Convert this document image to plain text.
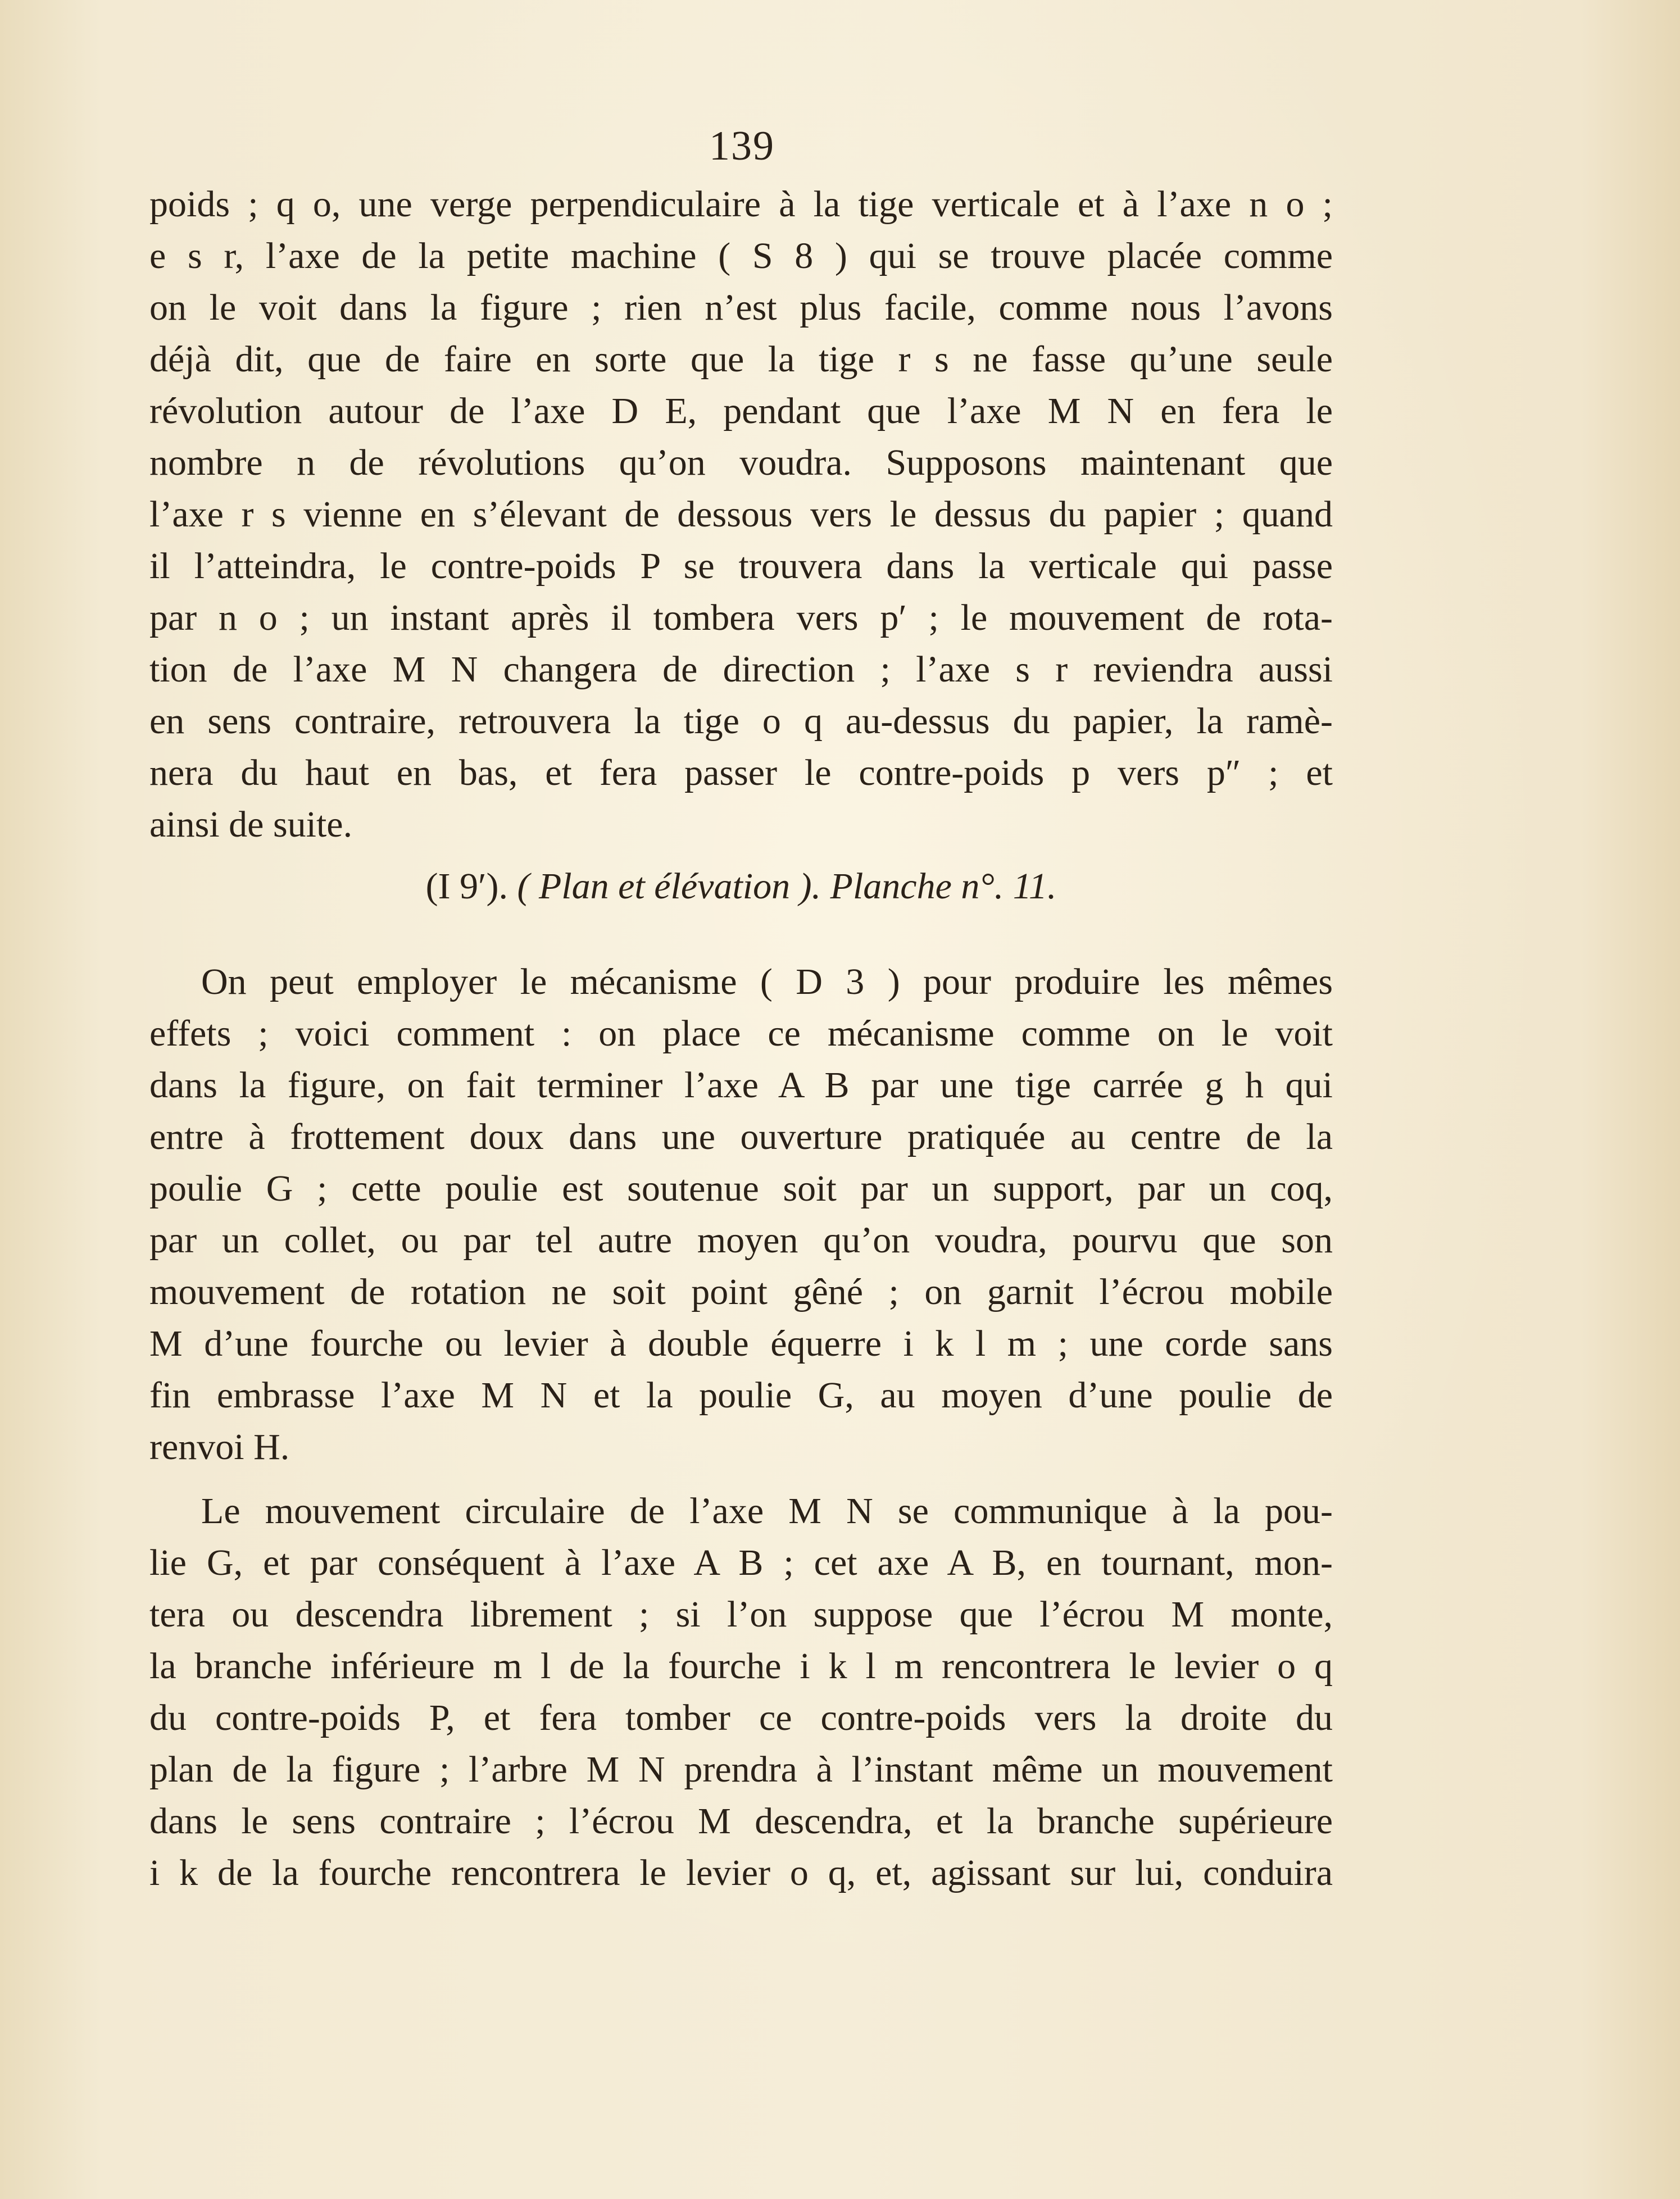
139
poids ; q o, une verge perpendiculaire à la tige verticale et à l’axe n o ;
e s r, l’axe de la petite machine ( S 8 ) qui se trouve placée comme
on le voit dans la figure ; rien n’est plus facile, comme nous l’avons
déjà dit, que de faire en sorte que la tige r s ne fasse qu’une seule
révolution autour de l’axe D E, pendant que l’axe M N en fera le
nombre n de révolutions qu’on voudra. Supposons maintenant que
l’axe r s vienne en s’élevant de dessous vers le dessus du papier ; quand
il l’atteindra, le contre-poids P se trouvera dans la verticale qui passe
par n o ; un instant après il tombera vers p′ ; le mouvement de rota-
tion de l’axe M N changera de direction ; l’axe s r reviendra aussi
en sens contraire, retrouvera la tige o q au-dessus du papier, la ramè-
nera du haut en bas, et fera passer le contre-poids p vers p″ ; et
ainsi de suite.
(I 9′). ( Plan et élévation ). Planche n°. 11.
On peut employer le mécanisme ( D 3 ) pour produire les mêmes
effets ; voici comment : on place ce mécanisme comme on le voit
dans la figure, on fait terminer l’axe A B par une tige carrée g h qui
entre à frottement doux dans une ouverture pratiquée au centre de la
poulie G ; cette poulie est soutenue soit par un support, par un coq,
par un collet, ou par tel autre moyen qu’on voudra, pourvu que son
mouvement de rotation ne soit point gêné ; on garnit l’écrou mobile
M d’une fourche ou levier à double équerre i k l m ; une corde sans
fin embrasse l’axe M N et la poulie G, au moyen d’une poulie de
renvoi H.
Le mouvement circulaire de l’axe M N se communique à la pou-
lie G, et par conséquent à l’axe A B ; cet axe A B, en tournant, mon-
tera ou descendra librement ; si l’on suppose que l’écrou M monte,
la branche inférieure m l de la fourche i k l m rencontrera le levier o q
du contre-poids P, et fera tomber ce contre-poids vers la droite du
plan de la figure ; l’arbre M N prendra à l’instant même un mouvement
dans le sens contraire ; l’écrou M descendra, et la branche supérieure
i k de la fourche rencontrera le levier o q, et, agissant sur lui, conduira
